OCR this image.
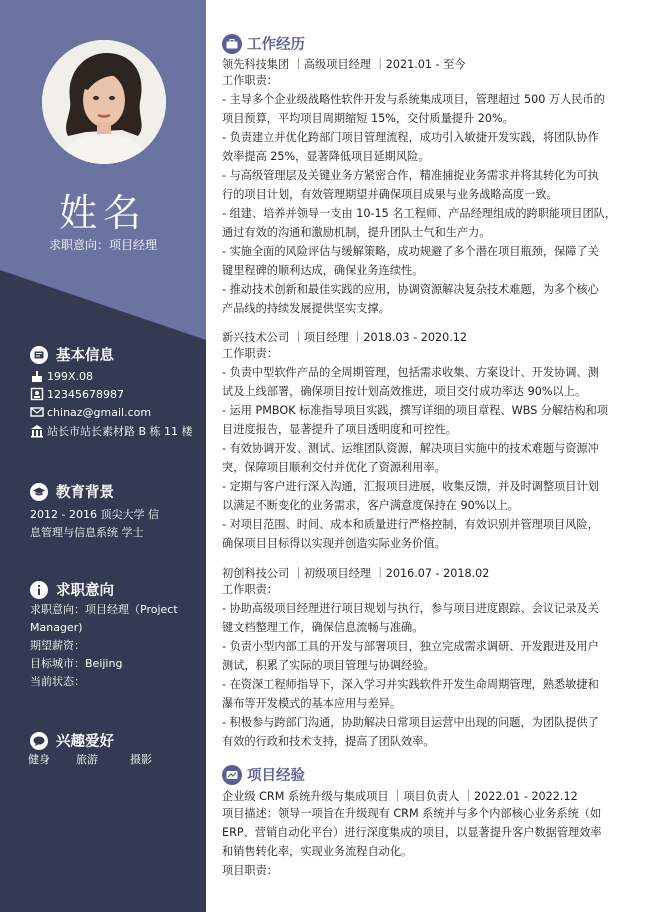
姓名
求职意向：项目经理
基本信息
199X.08
12345678987
chinaz@gmail.com
站长市站长素材路 B 栋 11 楼
教育背景
2012 - 2016 顶尖大学 信
息管理与信息系统 学士
求职意向
求职意向：项目经理（Project
Manager)
期望薪资：
目标城市：Beijing
当前状态：
兴趣爱好
健身 旅游	摄影
工作经历
领先科技集团 ｜高级项目经理 ｜2021.01 - 至今
工作职责：
- 主导多个企业级战略性软件开发与系统集成项目，管理超过 500 万人民币的
项目预算，平均项目周期缩短 15%，交付质量提升 20%。
- 负责建立并优化跨部门项目管理流程，成功引入敏捷开发实践，将团队协作
效率提高 25%，显著降低项目延期风险。
- 与高级管理层及关键业务方紧密合作，精准捕捉业务需求并将其转化为可执
行的项目计划，有效管理期望并确保项目成果与业务战略高度一致。
- 组建、培养并领导一支由 10-15 名工程师、产品经理组成的跨职能项目团队，
通过有效的沟通和激励机制，提升团队士气和生产力。
- 实施全面的风险评估与缓解策略，成功规避了多个潜在项目瓶颈，保障了关
键里程碑的顺利达成，确保业务连续性。
- 推动技术创新和最佳实践的应用，协调资源解决复杂技术难题，为多个核心
产品线的持续发展提供坚实支撑。
新兴技术公司 ｜项目经理 ｜2018.03 - 2020.12
工作职责：
- 负责中型软件产品的全周期管理，包括需求收集、方案设计、开发协调、测
试及上线部署，确保项目按计划高效推进，项目交付成功率达 90%以上。
- 运用 PMBOK 标准指导项目实践，撰写详细的项目章程、WBS 分解结构和项
目进度报告，显著提升了项目透明度和可控性。
- 有效协调开发、测试、运维团队资源，解决项目实施中的技术难题与资源冲
突，保障项目顺利交付并优化了资源利用率。
- 定期与客户进行深入沟通，汇报项目进展，收集反馈，并及时调整项目计划
以满足不断变化的业务需求，客户满意度保持在 90%以上。
- 对项目范围、时间、成本和质量进行严格控制，有效识别并管理项目风险，
确保项目目标得以实现并创造实际业务价值。
初创科技公司 ｜初级项目经理 ｜2016.07 - 2018.02
工作职责：
- 协助高级项目经理进行项目规划与执行，参与项目进度跟踪、会议记录及关
键文档整理工作，确保信息流畅与准确。
- 负责小型内部工具的开发与部署项目，独立完成需求调研、开发跟进及用户
测试，积累了实际的项目管理与协调经验。
- 在资深工程师指导下，深入学习并实践软件开发生命周期管理，熟悉敏捷和
瀑布等开发模式的基本应用与差异。
- 积极参与跨部门沟通，协助解决日常项目运营中出现的问题，为团队提供了
有效的行政和技术支持，提高了团队效率。
项目经验
企业级 CRM 系统升级与集成项目 ｜项目负责人 ｜2022.01 - 2022.12
项目描述：领导一项旨在升级现有 CRM 系统并与多个内部核心业务系统（如
ERP、营销自动化平台）进行深度集成的项目，以显著提升客户数据管理效率
和销售转化率，实现业务流程自动化。
项目职责：
